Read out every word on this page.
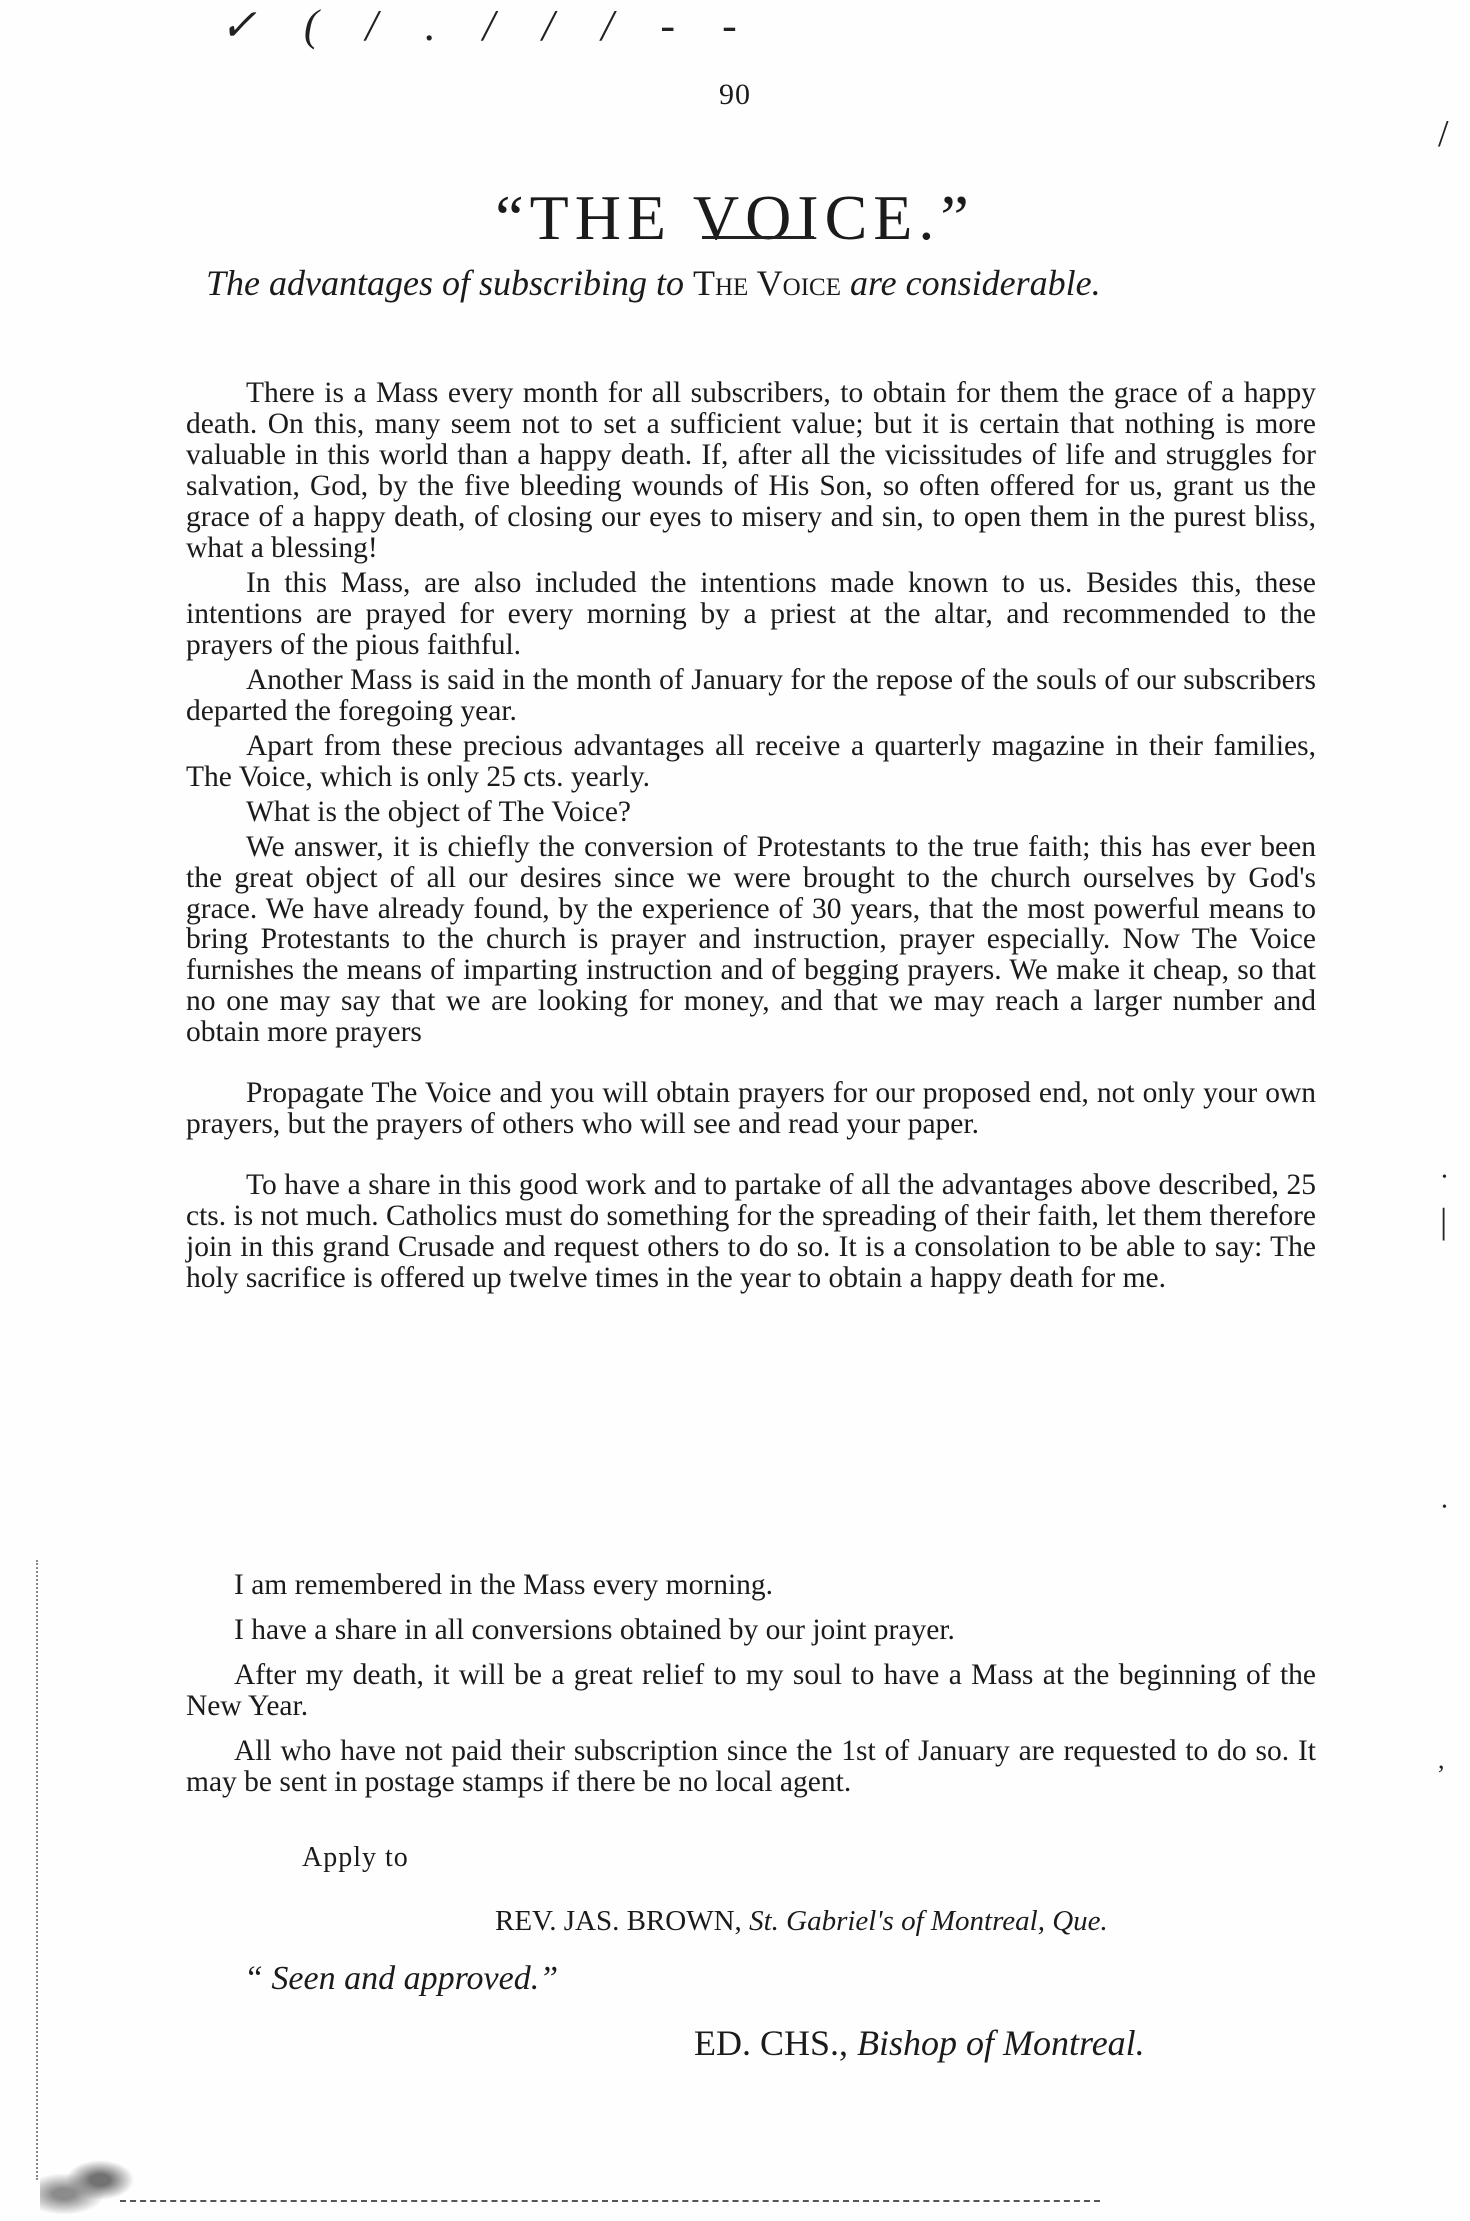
✓ ( / . / / / - -
/
•
|
•
,
90
“THE VOICE.”
The advantages of subscribing to The Voice are considerable.

There is a Mass every month for all subscribers, to obtain for them the grace of a happy death. On this, many seem not to set a sufficient value; but it is certain that nothing is more valuable in this world than a happy death. If, after all the vicissitudes of life and struggles for salvation, God, by the five bleeding wounds of His Son, so often offered for us, grant us the grace of a happy death, of closing our eyes to misery and sin, to open them in the purest bliss, what a blessing!

In this Mass, are also included the intentions made known to us. Besides this, these intentions are prayed for every morning by a priest at the altar, and recommended to the prayers of the pious faithful.

Another Mass is said in the month of January for the repose of the souls of our subscribers departed the foregoing year.

Apart from these precious advantages all receive a quarterly magazine in their families, The Voice, which is only 25 cts. yearly.

What is the object of The Voice?

We answer, it is chiefly the conversion of Protestants to the true faith; this has ever been the great object of all our desires since we were brought to the church ourselves by God's grace. We have already found, by the experience of 30 years, that the most powerful means to bring Protestants to the church is prayer and instruction, prayer especially. Now The Voice furnishes the means of imparting instruction and of begging prayers. We make it cheap, so that no one may say that we are looking for money, and that we may reach a larger number and obtain more prayers

Propagate The Voice and you will obtain prayers for our proposed end, not only your own prayers, but the prayers of others who will see and read your paper.

To have a share in this good work and to partake of all the advantages above described, 25 cts. is not much. Catholics must do something for the spreading of their faith, let them therefore join in this grand Crusade and request others to do so. It is a consolation to be able to say: The holy sacrifice is offered up twelve times in the year to obtain a happy death for me.

I am remembered in the Mass every morning.

I have a share in all conversions obtained by our joint prayer.

After my death, it will be a great relief to my soul to have a Mass at the beginning of the New Year.

All who have not paid their subscription since the 1st of January are requested to do so. It may be sent in postage stamps if there be no local agent.

Apply to
REV. JAS. BROWN, St. Gabriel's of Montreal, Que.
“ Seen and approved.”
ED. CHS., Bishop of Montreal.
